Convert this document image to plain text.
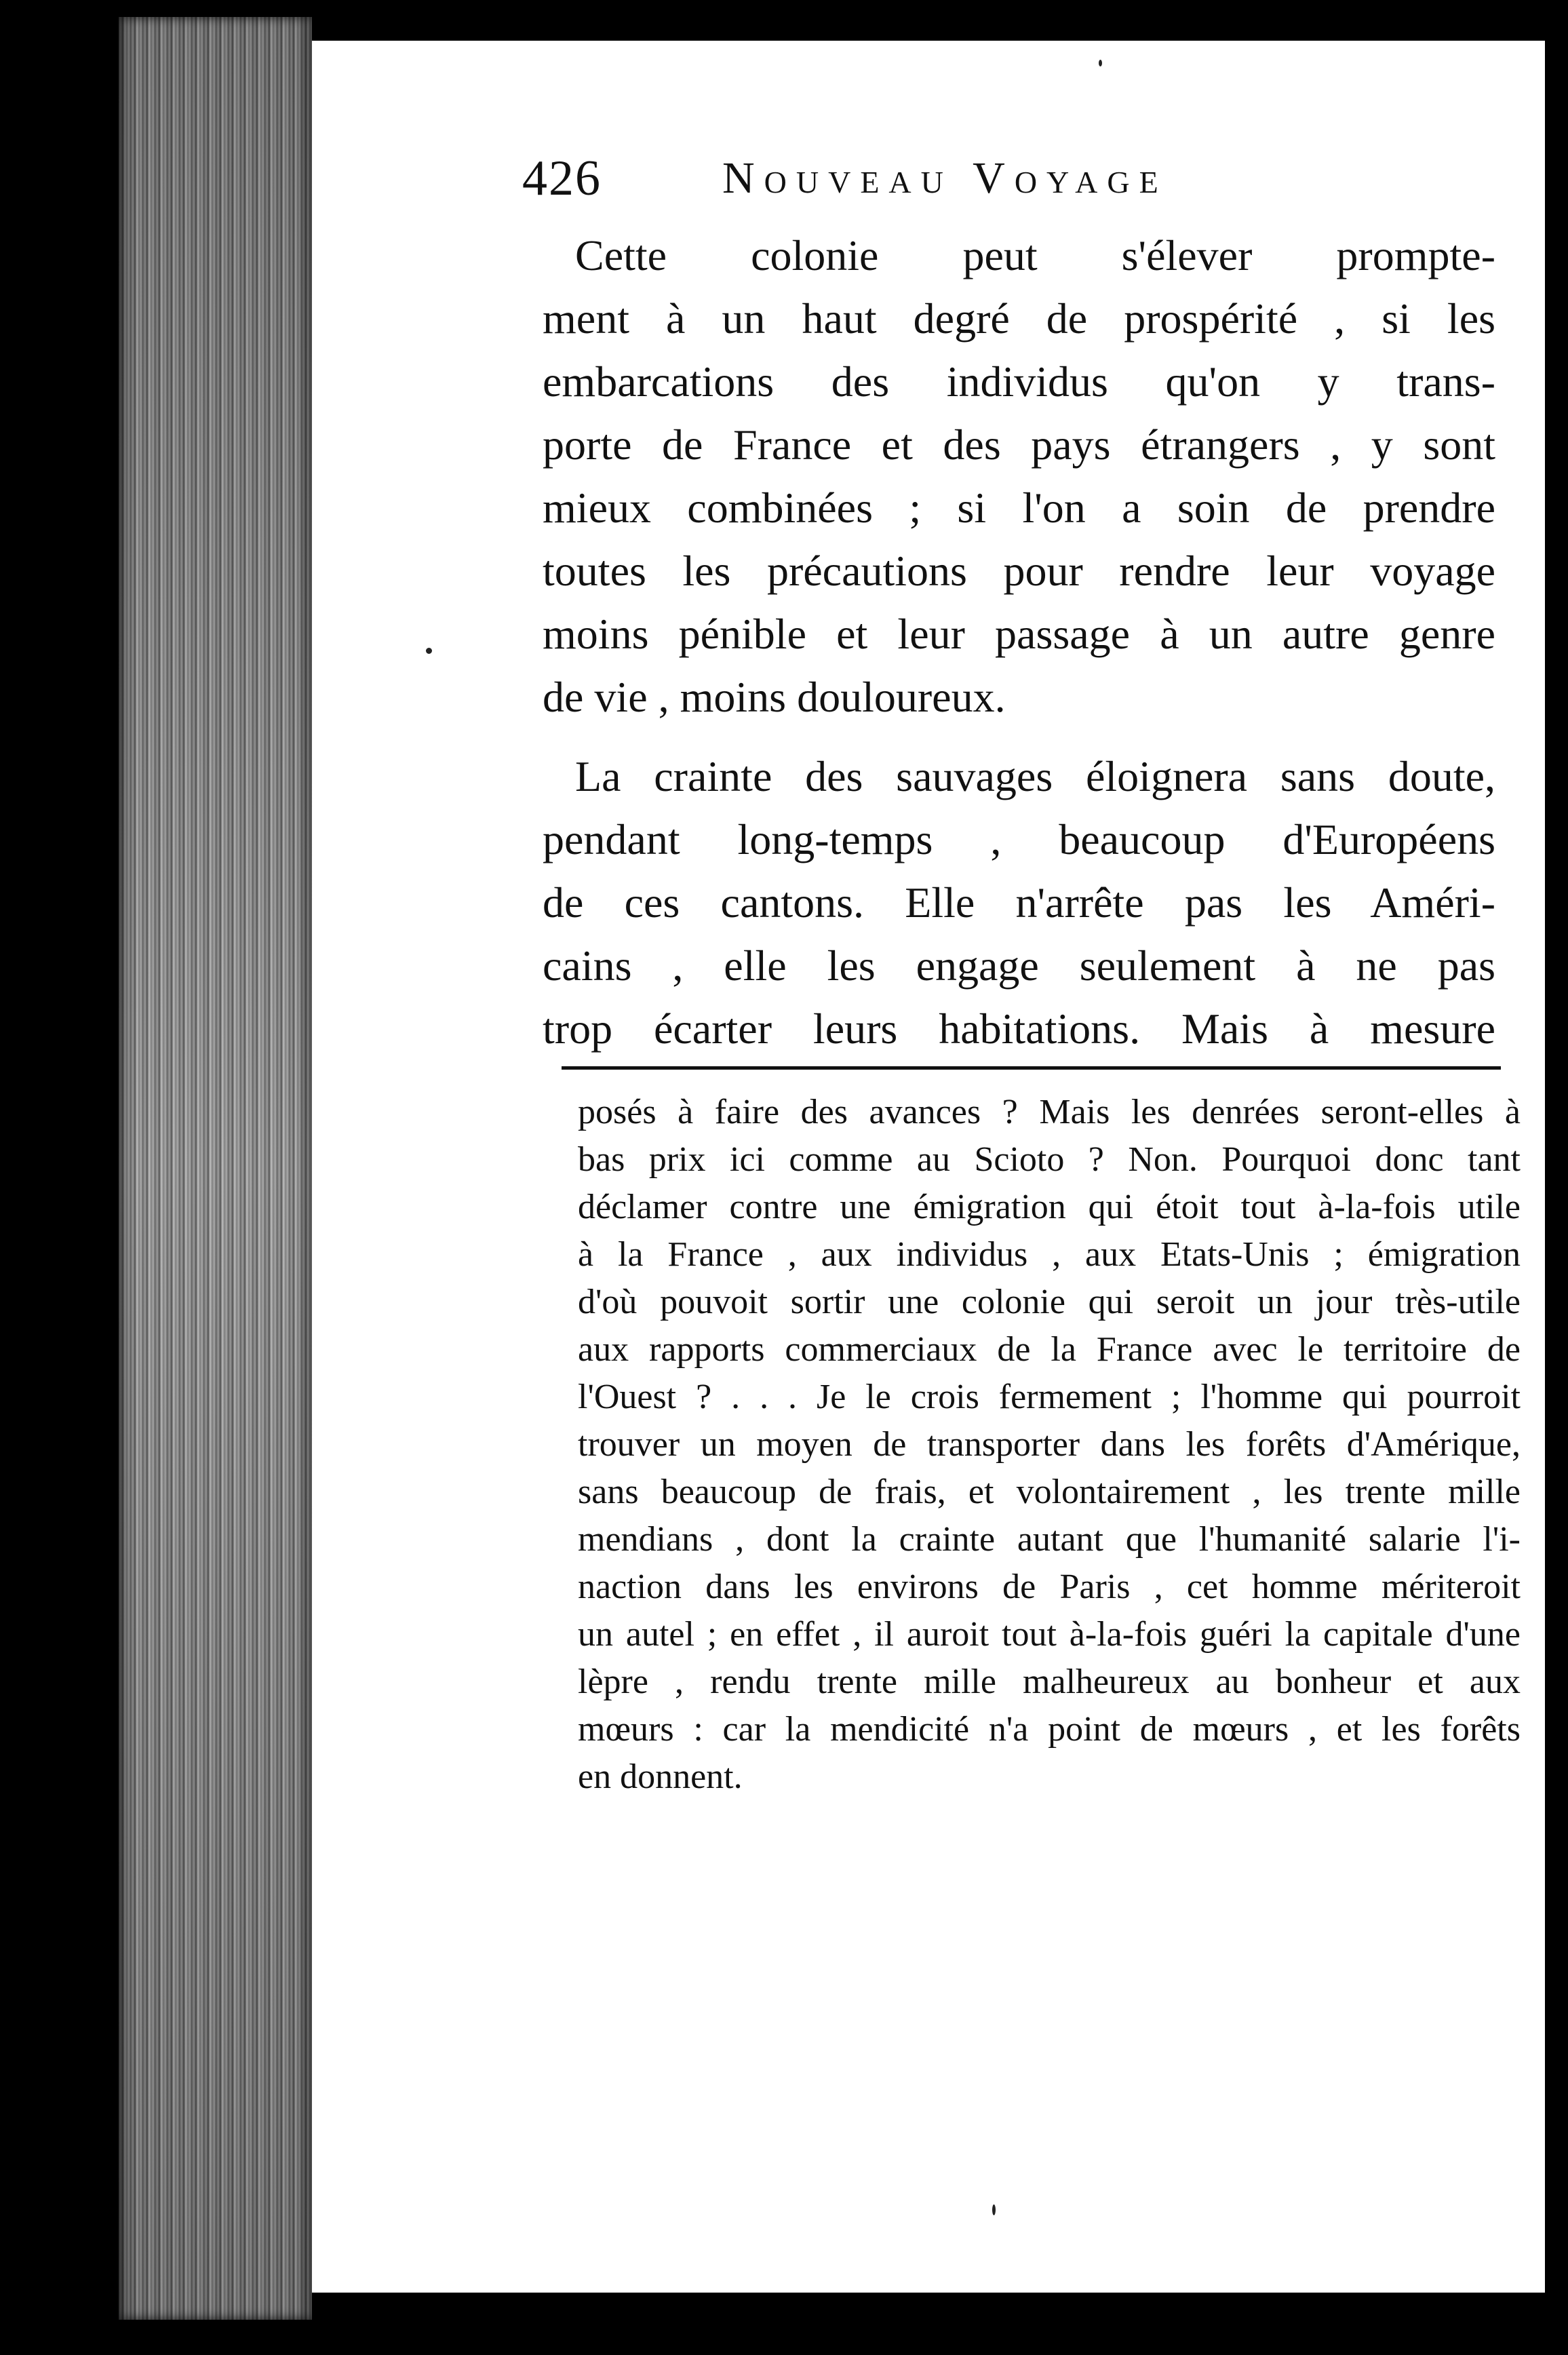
426	Nouveau Voyage
Cette colonie peut s'élever prompte-
ment à un haut degré de prospérité , si les
embarcations des individus qu'on y trans-
porte de France et des pays étrangers , y sont
mieux combinées ; si l'on a soin de prendre
toutes les précautions pour rendre leur voyage
moins pénible et leur passage à un autre genre
de vie , moins douloureux.
La crainte des sauvages éloignera sans doute,
pendant long-temps , beaucoup d'Européens
de ces cantons. Elle n'arrête pas les Améri-
cains , elle les engage seulement à ne pas
trop écarter leurs habitations. Mais à mesure
posés à faire des avances ? Mais les denrées seront-elles à
bas prix ici comme au Scioto ? Non. Pourquoi donc tant
déclamer contre une émigration qui étoit tout à-la-fois utile
à la France , aux individus , aux Etats-Unis ; émigration
d'où pouvoit sortir une colonie qui seroit un jour très-utile
aux rapports commerciaux de la France avec le territoire de
l'Ouest ? . . . Je le crois fermement ; l'homme qui pourroit
trouver un moyen de transporter dans les forêts d'Amérique,
sans beaucoup de frais, et volontairement , les trente mille
mendians , dont la crainte autant que l'humanité salarie l'i-
naction dans les environs de Paris , cet homme mériteroit
un autel ; en effet , il auroit tout à-la-fois guéri la capitale d'une
lèpre , rendu trente mille malheureux au bonheur et aux
mœurs : car la mendicité n'a point de mœurs , et les forêts
en donnent.
